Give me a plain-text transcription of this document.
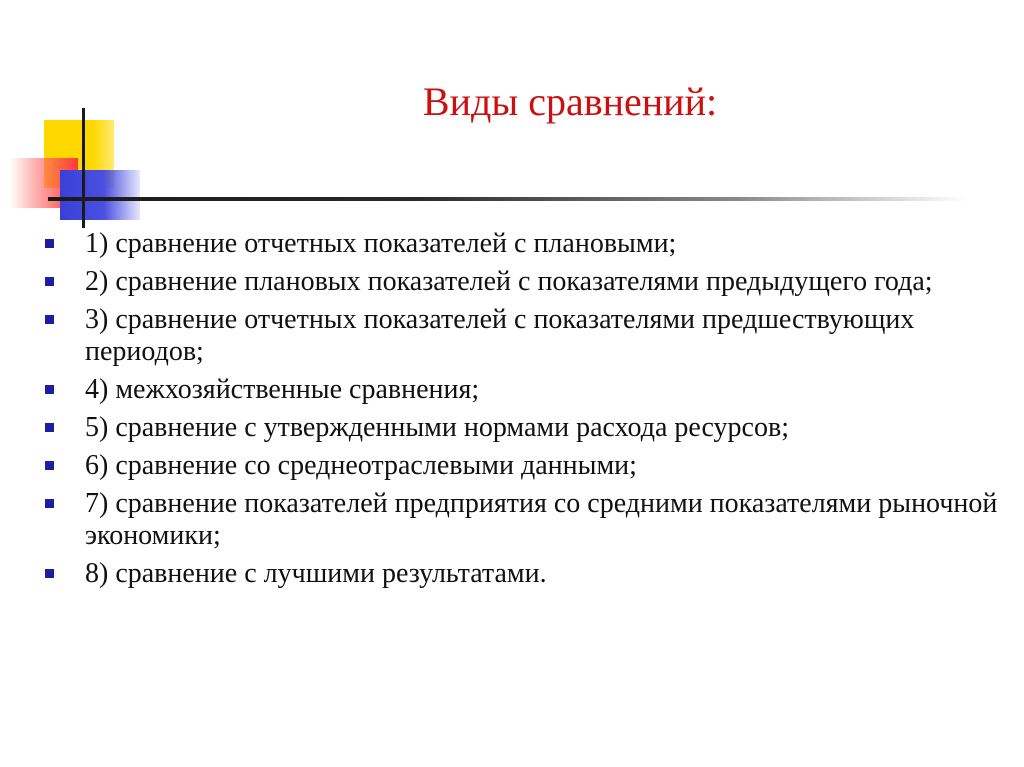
Виды сравнений:
1) сравнение отчетных показателей с плановыми;
2) сравнение плановых показателей с показателями предыдущего года;
3) сравнение отчетных показателей с показателями предшествующих периодов;
4) межхозяйственные сравнения;
5) сравнение с утвержденными нормами расхода ресурсов;
6) сравнение со среднеотраслевыми данными;
7) сравнение показателей предприятия со средними показателями рыночной экономики;
8) сравнение с лучшими результатами.
